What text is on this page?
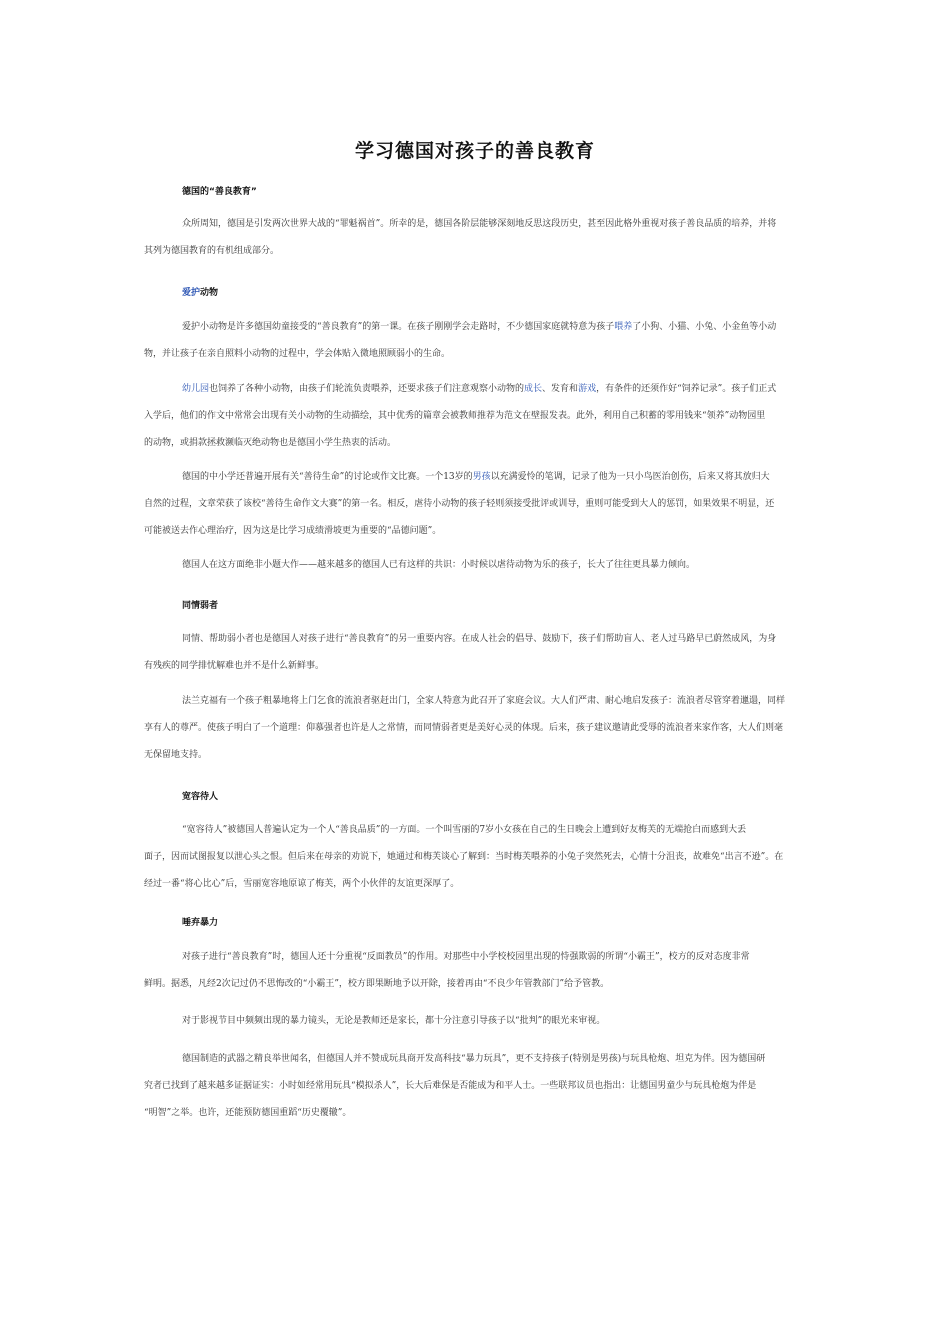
学习德国对孩子的善良教育
德国的“善良教育”
众所周知，德国是引发两次世界大战的“罪魁祸首”。所幸的是，德国各阶层能够深刻地反思这段历史，甚至因此格外重视对孩子善良品质的培养，并将
其列为德国教育的有机组成部分。
爱护动物
爱护小动物是许多德国幼童接受的“善良教育”的第一课。在孩子刚刚学会走路时，不少德国家庭就特意为孩子喂养了小狗、小猫、小兔、小金鱼等小动
物，并让孩子在亲自照料小动物的过程中，学会体贴入微地照顾弱小的生命。
幼儿园也饲养了各种小动物，由孩子们轮流负责喂养，还要求孩子们注意观察小动物的成长、发育和游戏，有条件的还须作好“饲养记录”。孩子们正式
入学后，他们的作文中常常会出现有关小动物的生动描绘，其中优秀的篇章会被教师推荐为范文在壁报发表。此外，利用自己积蓄的零用钱来“领养”动物园里
的动物，或捐款拯救濒临灭绝动物也是德国小学生热衷的活动。
德国的中小学还普遍开展有关“善待生命”的讨论或作文比赛。一个13岁的男孩以充满爱怜的笔调，记录了他为一只小鸟医治创伤，后来又将其放归大
自然的过程，文章荣获了该校“善待生命作文大赛”的第一名。相反，虐待小动物的孩子轻则须接受批评或训导，重则可能受到大人的惩罚，如果效果不明显，还
可能被送去作心理治疗，因为这是比学习成绩滑坡更为重要的“品德问题”。
德国人在这方面绝非小题大作——越来越多的德国人已有这样的共识：小时候以虐待动物为乐的孩子，长大了往往更具暴力倾向。
同情弱者
同情、帮助弱小者也是德国人对孩子进行“善良教育”的另一重要内容。在成人社会的倡导、鼓励下，孩子们帮助盲人、老人过马路早已蔚然成风，为身
有残疾的同学排忧解难也并不是什么新鲜事。
法兰克福有一个孩子粗暴地将上门乞食的流浪者驱赶出门，全家人特意为此召开了家庭会议。大人们严肃、耐心地启发孩子：流浪者尽管穿着邋遢，同样
享有人的尊严。使孩子明白了一个道理：仰慕强者也许是人之常情，而同情弱者更是美好心灵的体现。后来，孩子建议邀请此受辱的流浪者来家作客，大人们则毫
无保留地支持。
宽容待人
“宽容待人”被德国人普遍认定为一个人“善良品质”的一方面。一个叫雪丽的7岁小女孩在自己的生日晚会上遭到好友梅芙的无端抢白而感到大丢
面子，因而试图报复以泄心头之恨。但后来在母亲的劝说下，她通过和梅芙谈心了解到：当时梅芙喂养的小兔子突然死去，心情十分沮丧，故难免“出言不逊”。在
经过一番“将心比心”后，雪丽宽容地原谅了梅芙，两个小伙伴的友谊更深厚了。
唾弃暴力
对孩子进行“善良教育”时，德国人还十分重视“反面教员”的作用。对那些中小学校校园里出现的恃强欺弱的所谓“小霸王”，校方的反对态度非常
鲜明。据悉，凡经2次记过仍不思悔改的“小霸王”，校方即果断地予以开除，接着再由“不良少年管教部门”给予管教。
对于影视节目中频频出现的暴力镜头，无论是教师还是家长，都十分注意引导孩子以“批判”的眼光来审视。
德国制造的武器之精良举世闻名，但德国人并不赞成玩具商开发高科技“暴力玩具”，更不支持孩子(特别是男孩)与玩具枪炮、坦克为伴。因为德国研
究者已找到了越来越多证据证实：小时如经常用玩具“模拟杀人”，长大后难保是否能成为和平人士。一些联邦议员也指出：让德国男童少与玩具枪炮为伴是
“明智”之举。也许，还能预防德国重蹈“历史覆辙”。
